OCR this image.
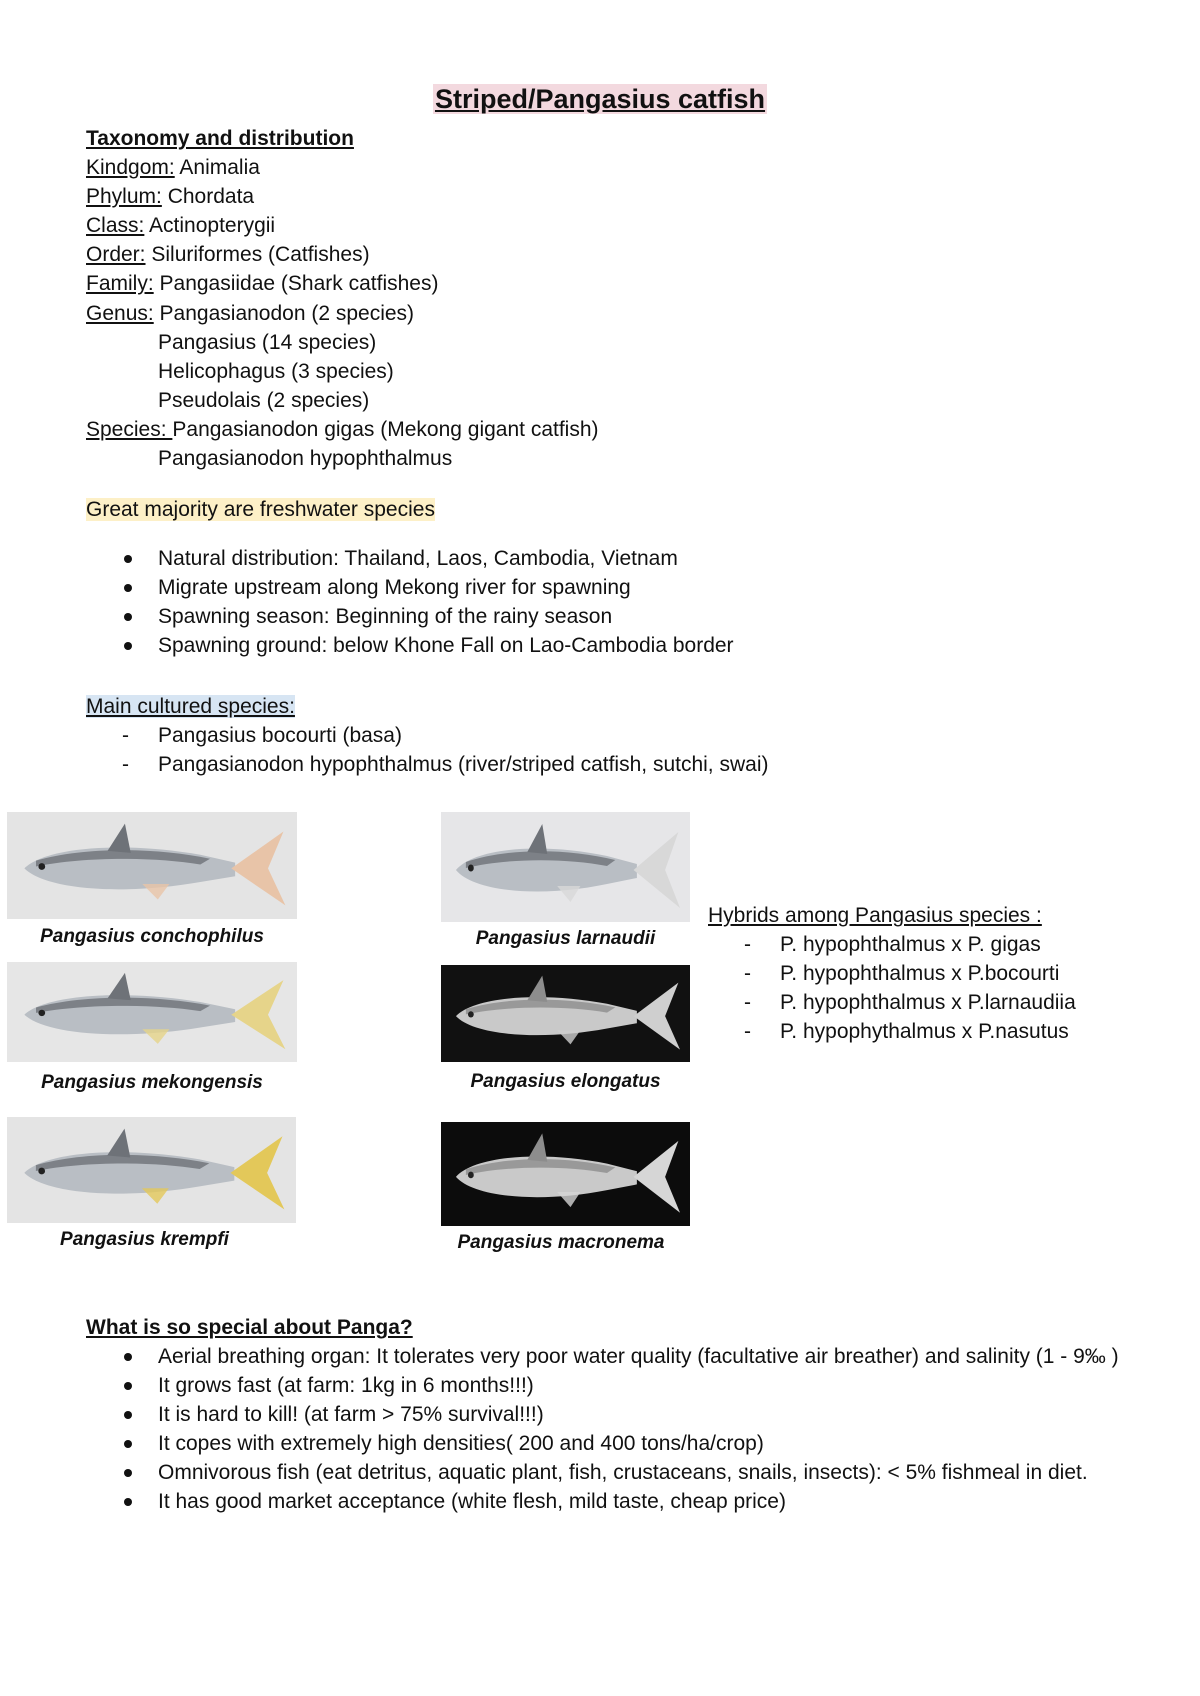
Striped/Pangasius catfish
Taxonomy and distribution
Kindgom: Animalia
Phylum: Chordata
Class: Actinopterygii
Order: Siluriformes (Catfishes)
Family: Pangasiidae (Shark catfishes)
Genus: Pangasianodon (2 species)
Pangasius (14 species)
Helicophagus (3 species)
Pseudolais (2 species)
Species: Pangasianodon gigas (Mekong gigant catfish)
Pangasianodon hypophthalmus
Great majority are freshwater species
Natural distribution: Thailand, Laos, Cambodia, Vietnam
Migrate upstream along Mekong river for spawning
Spawning season: Beginning of the rainy season
Spawning ground: below Khone Fall on Lao-Cambodia border
Main cultured species:
- Pangasius bocourti (basa)
- Pangasianodon hypophthalmus (river/striped catfish, sutchi, swai)
Pangasius conchophilus	Pangasius larnaudii
Pangasius mekongensis	Pangasius elongatus
Pangasius krempfi	Pangasius macronema
Hybrids among Pangasius species :
- P. hypophthalmus x P. gigas
- P. hypophthalmus x P.bocourti
- P. hypophthalmus x P.larnaudiia
- P. hypophythalmus x P.nasutus
What is so special about Panga?
Aerial breathing organ: It tolerates very poor water quality (facultative air breather) and salinity (1 - 9‰ )
It grows fast (at farm: 1kg in 6 months!!!)
It is hard to kill! (at farm > 75% survival!!!)
It copes with extremely high densities( 200 and 400 tons/ha/crop)
Omnivorous fish (eat detritus, aquatic plant, fish, crustaceans, snails, insects): < 5% fishmeal in diet.
It has good market acceptance (white flesh, mild taste, cheap price)
